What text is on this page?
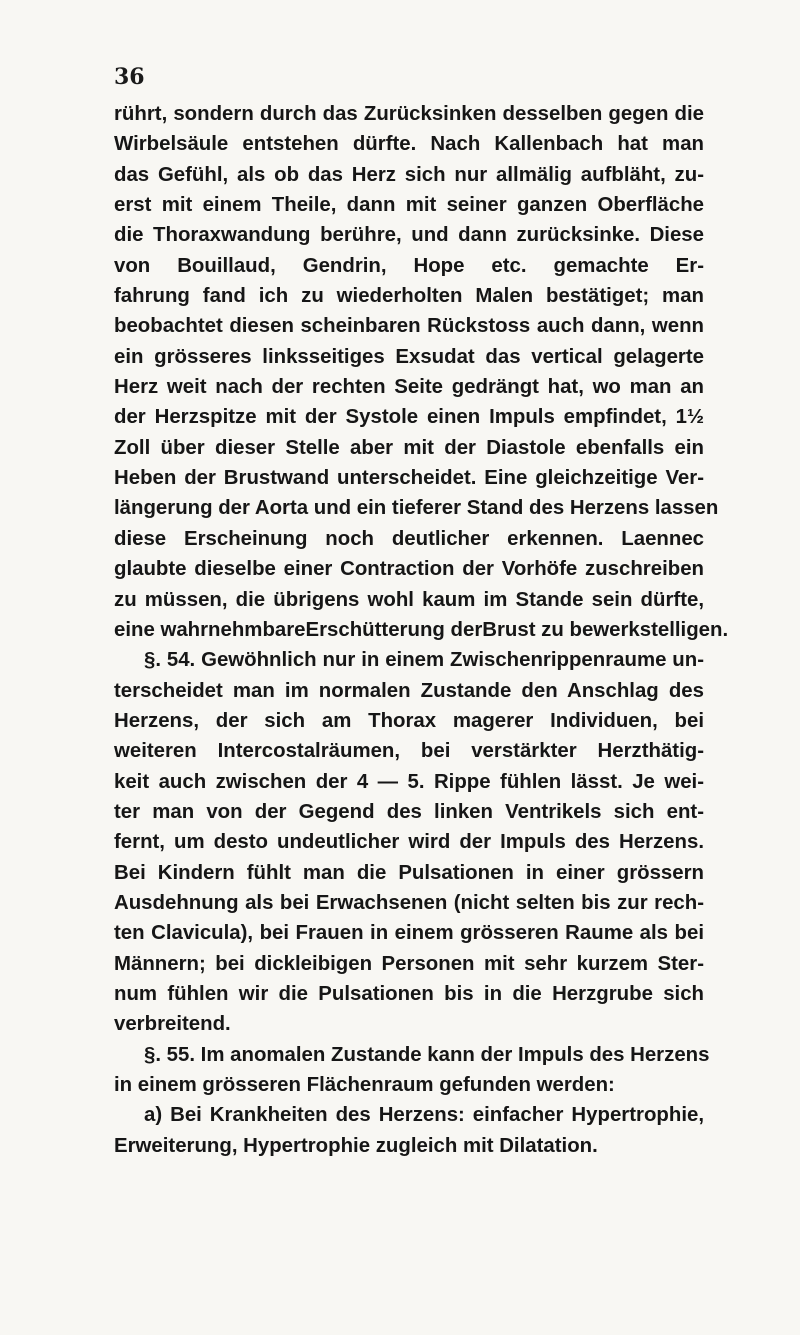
36
rührt, sondern durch das Zurücksinken desselben gegen die
Wirbelsäule entstehen dürfte. Nach Kallenbach hat man
das Gefühl, als ob das Herz sich nur allmälig aufbläht, zu-
erst mit einem Theile, dann mit seiner ganzen Oberfläche
die Thoraxwandung berühre, und dann zurücksinke. Diese
von Bouillaud, Gendrin, Hope etc. gemachte Er-
fahrung fand ich zu wiederholten Malen bestätiget; man
beobachtet diesen scheinbaren Rückstoss auch dann, wenn
ein grösseres linksseitiges Exsudat das vertical gelagerte
Herz weit nach der rechten Seite gedrängt hat, wo man an
der Herzspitze mit der Systole einen Impuls empfindet, 1½
Zoll über dieser Stelle aber mit der Diastole ebenfalls ein
Heben der Brustwand unterscheidet. Eine gleichzeitige Ver-
längerung der Aorta und ein tieferer Stand des Herzens lassen
diese Erscheinung noch deutlicher erkennen. Laennec
glaubte dieselbe einer Contraction der Vorhöfe zuschreiben
zu müssen, die übrigens wohl kaum im Stande sein dürfte,
eine wahrnehmbareErschütterung derBrust zu bewerkstelligen.
§. 54. Gewöhnlich nur in einem Zwischenrippenraume un-
terscheidet man im normalen Zustande den Anschlag des
Herzens, der sich am Thorax magerer Individuen, bei
weiteren Intercostalräumen, bei verstärkter Herzthätig-
keit auch zwischen der 4 — 5. Rippe fühlen lässt. Je wei-
ter man von der Gegend des linken Ventrikels sich ent-
fernt, um desto undeutlicher wird der Impuls des Herzens.
Bei Kindern fühlt man die Pulsationen in einer grössern
Ausdehnung als bei Erwachsenen (nicht selten bis zur rech-
ten Clavicula), bei Frauen in einem grösseren Raume als bei
Männern; bei dickleibigen Personen mit sehr kurzem Ster-
num fühlen wir die Pulsationen bis in die Herzgrube sich
verbreitend.
§. 55. Im anomalen Zustande kann der Impuls des Herzens
in einem grösseren Flächenraum gefunden werden:
a) Bei Krankheiten des Herzens: einfacher Hypertrophie,
Erweiterung, Hypertrophie zugleich mit Dilatation.
